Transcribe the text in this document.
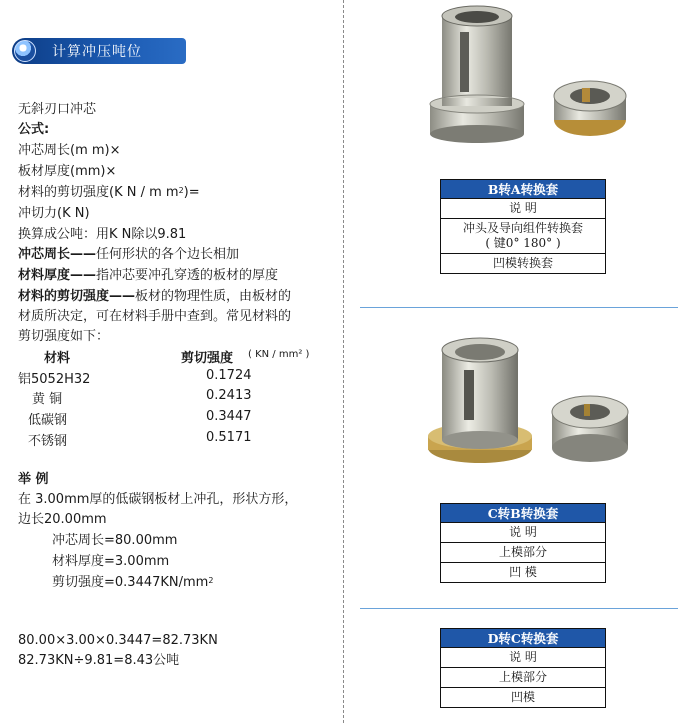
计算冲压吨位
无斜刃口冲芯
公式:
冲芯周长(m m)×
板材厚度(mm)×
材料的剪切强度(K N / m $m^2)=$
冲切力(K N)
换算成公吨：用K N除以9.81
冲芯周长——任何形状的各个边长相加
材料厚度——指冲芯要冲孔穿透的板材的厚度
材料的剪切强度——板材的物理性质，由板材的
材质所决定，可在材料手册中查到。常见材料的
剪切强度如下：
材料	剪切强度 ( KN / mm² )
铝5052H32	0.1724
黄 铜	0.2413
低碳钢	0.3447
不锈钢	0.5171
举 例
在 3.00mm厚的低碳钢板材上冲孔，形状方形，
边长20.00mm
冲芯周长=80.00mm
材料厚度=3.00mm
剪切强度$=0.3447KN/mm^2$
80.00×3.00×0.3447=82.73KN
82.73KN÷9.81=8.43公吨
B转A转换套
说 明
冲头及导向组件转换套
( 键0° 180° )
凹模转换套
C转B转换套
说 明
上模部分
凹 模
D转C转换套
说 明
上模部分
凹模
